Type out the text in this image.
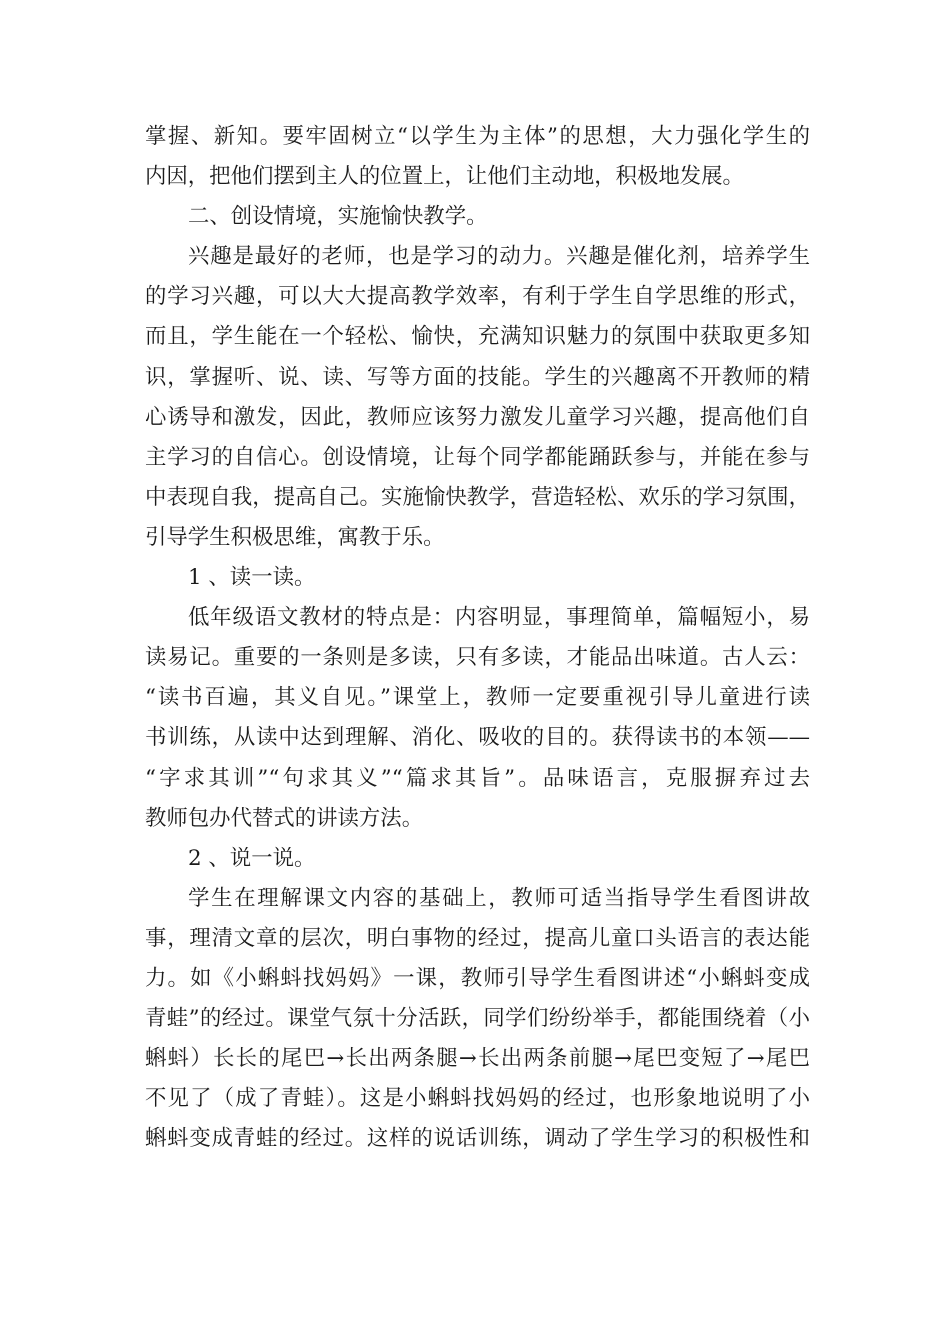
掌握、新知。要牢固树立“以学生为主体”的思想，大力强化学生的
内因，把他们摆到主人的位置上，让他们主动地，积极地发展。
二、创设情境，实施愉快教学。
兴趣是最好的老师，也是学习的动力。兴趣是催化剂，培养学生
的学习兴趣，可以大大提高教学效率，有利于学生自学思维的形式，
而且，学生能在一个轻松、愉快，充满知识魅力的氛围中获取更多知
识，掌握听、说、读、写等方面的技能。学生的兴趣离不开教师的精
心诱导和激发，因此，教师应该努力激发儿童学习兴趣，提高他们自
主学习的自信心。创设情境，让每个同学都能踊跃参与，并能在参与
中表现自我，提高自己。实施愉快教学，营造轻松、欢乐的学习氛围，
引导学生积极思维，寓教于乐。
1 、读一读。
低年级语文教材的特点是：内容明显，事理简单，篇幅短小，易
读易记。重要的一条则是多读，只有多读，才能品出味道。古人云：
“读书百遍，其义自见。”课堂上，教师一定要重视引导儿童进行读
书训练，从读中达到理解、消化、吸收的目的。获得读书的本领——
“字求其训”“句求其义”“篇求其旨”。品味语言，克服摒弃过去
教师包办代替式的讲读方法。
2 、说一说。
学生在理解课文内容的基础上，教师可适当指导学生看图讲故
事，理清文章的层次，明白事物的经过，提高儿童口头语言的表达能
力。如《小蝌蚪找妈妈》一课，教师引导学生看图讲述“小蝌蚪变成
青蛙”的经过。课堂气氛十分活跃，同学们纷纷举手，都能围绕着（小
蝌蚪）长长的尾巴→长出两条腿→长出两条前腿→尾巴变短了→尾巴
不见了（成了青蛙）。这是小蝌蚪找妈妈的经过，也形象地说明了小
蝌蚪变成青蛙的经过。这样的说话训练，调动了学生学习的积极性和
